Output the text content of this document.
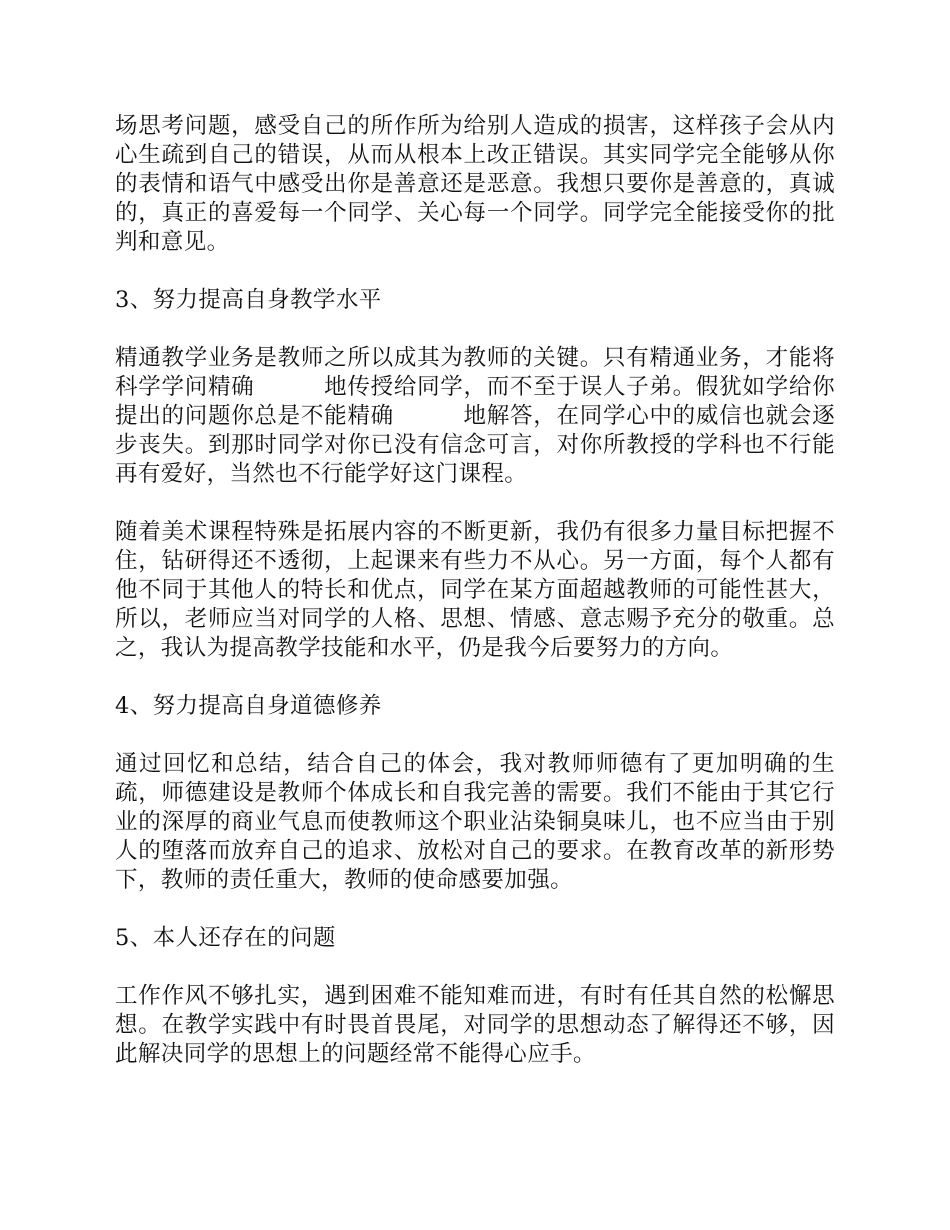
场思考问题，感受自己的所作所为给别人造成的损害，这样孩子会从内心生疏到自己的错误，从而从根本上改正错误。其实同学完全能够从你的表情和语气中感受出你是善意还是恶意。我想只要你是善意的，真诚的，真正的喜爱每一个同学、关心每一个同学。同学完全能接受你的批判和意见。

3、努力提高自身教学水平

精通教学业务是教师之所以成其为教师的关键。只有精通业务，才能将科学学问精确　　　地传授给同学，而不至于误人子弟。假犹如学给你提出的问题你总是不能精确　　　地解答，在同学心中的威信也就会逐步丧失。到那时同学对你已没有信念可言，对你所教授的学科也不行能再有爱好，当然也不行能学好这门课程。

随着美术课程特殊是拓展内容的不断更新，我仍有很多力量目标把握不住，钻研得还不透彻，上起课来有些力不从心。另一方面，每个人都有他不同于其他人的特长和优点，同学在某方面超越教师的可能性甚大，所以，老师应当对同学的人格、思想、情感、意志赐予充分的敬重。总之，我认为提高教学技能和水平，仍是我今后要努力的方向。

4、努力提高自身道德修养

通过回忆和总结，结合自己的体会，我对教师师德有了更加明确的生疏，师德建设是教师个体成长和自我完善的需要。我们不能由于其它行业的深厚的商业气息而使教师这个职业沾染铜臭味儿，也不应当由于别人的堕落而放弃自己的追求、放松对自己的要求。在教育改革的新形势下，教师的责任重大，教师的使命感要加强。

5、本人还存在的问题

工作作风不够扎实，遇到困难不能知难而进，有时有任其自然的松懈思想。在教学实践中有时畏首畏尾，对同学的思想动态了解得还不够，因此解决同学的思想上的问题经常不能得心应手。
